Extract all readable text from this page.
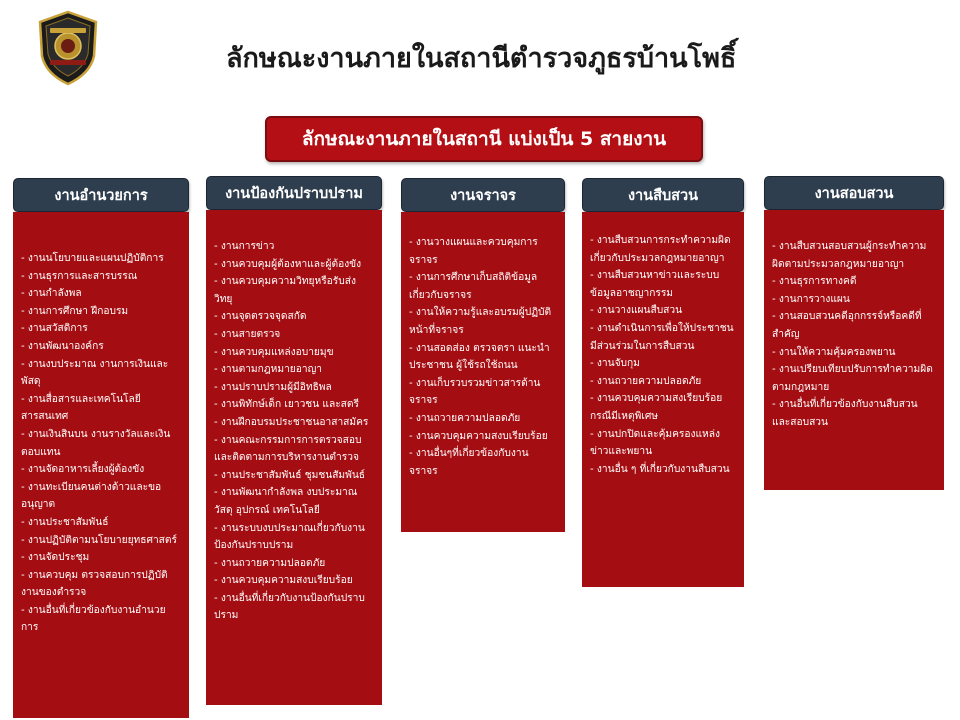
ลักษณะงานภายในสถานีตำรวจภูธรบ้านโพธิ์
ลักษณะงานภายในสถานี แบ่งเป็น 5 สายงาน
งานอำนวยการ
- งานนโยบายและแผนปฏิบัติการ
- งานธุรการและสารบรรณ
- งานกำลังพล
- งานการศึกษา ฝึกอบรม
- งานสวัสดิการ
- งานพัฒนาองค์กร
- งานงบประมาณ งานการเงินและพัสดุ
- งานสื่อสารและเทคโนโลยีสารสนเทศ
- งานเงินสินบน งานรางวัลและเงินตอบแทน
- งานจัดอาหารเลี้ยงผู้ต้องขัง
- งานทะเบียนคนต่างด้าวและขออนุญาต
- งานประชาสัมพันธ์
- งานปฏิบัติตามนโยบายยุทธศาสตร์
- งานจัดประชุม
- งานควบคุม ตรวจสอบการปฏิบัติงานของตำรวจ
- งานอื่นที่เกี่ยวข้องกับงานอำนวยการ
งานป้องกันปราบปราม
- งานการข่าว
- งานควบคุมผู้ต้องหาและผู้ต้องขัง
- งานควบคุมความวิทยุหรือรับส่งวิทยุ
- งานจุดตรวจจุดสกัด
- งานสายตรวจ
- งานควบคุมแหล่งอบายมุข
- งานตามกฎหมายอาญา
- งานปราบปรามผู้มีอิทธิพล
- งานพิทักษ์เด็ก เยาวชน และสตรี
- งานฝึกอบรมประชาชนอาสาสมัคร
- งานคณะกรรมการการตรวจสอบและติดตามการบริหารงานตำรวจ
- งานประชาสัมพันธ์ ชุมชนสัมพันธ์
- งานพัฒนากำลังพล งบประมาณ วัสดุ อุปกรณ์ เทคโนโลยี
- งานระบบงบประมาณเกี่ยวกับงานป้องกันปราบปราม
- งานถวายความปลอดภัย
- งานควบคุมความสงบเรียบร้อย
- งานอื่นที่เกี่ยวกับงานป้องกันปราบปราม
งานจราจร
- งานวางแผนและควบคุมการจราจร
- งานการศึกษาเก็บสถิติข้อมูลเกี่ยวกับจราจร
- งานให้ความรู้และอบรมผู้ปฏิบัติหน้าที่จราจร
- งานสอดส่อง ตรวจตรา แนะนำประชาชน ผู้ใช้รถใช้ถนน
- งานเก็บรวบรวมข่าวสารด้านจราจร
- งานถวายความปลอดภัย
- งานควบคุมความสงบเรียบร้อย
- งานอื่นๆที่เกี่ยวข้องกับงานจราจร
งานสืบสวน
- งานสืบสวนการกระทำความผิดเกี่ยวกับประมวลกฎหมายอาญา
- งานสืบสวนหาข่าวและระบบข้อมูลอาชญากรรม
- งานวางแผนสืบสวน
- งานดำเนินการเพื่อให้ประชาชนมีส่วนร่วมในการสืบสวน
- งานจับกุม
- งานถวายความปลอดภัย
- งานควบคุมความสงเรียบร้อยกรณีมีเหตุพิเศษ
- งานปกปิดและคุ้มครองแหล่งข่าวและพยาน
- งานอื่น ๆ ที่เกี่ยวกับงานสืบสวน
งานสอบสวน
- งานสืบสวนสอบสวนผู้กระทำความผิดตามประมวลกฎหมายอาญา
- งานธุรการทางคดี
- งานการวางแผน
- งานสอบสวนคดีอุกกรรจ์หรือคดีที่สำคัญ
- งานให้ความคุ้มครองพยาน
- งานเปรียบเทียบปรับการทำความผิดตามกฎหมาย
- งานอื่นที่เกี่ยวข้องกับงานสืบสวนและสอบสวน
